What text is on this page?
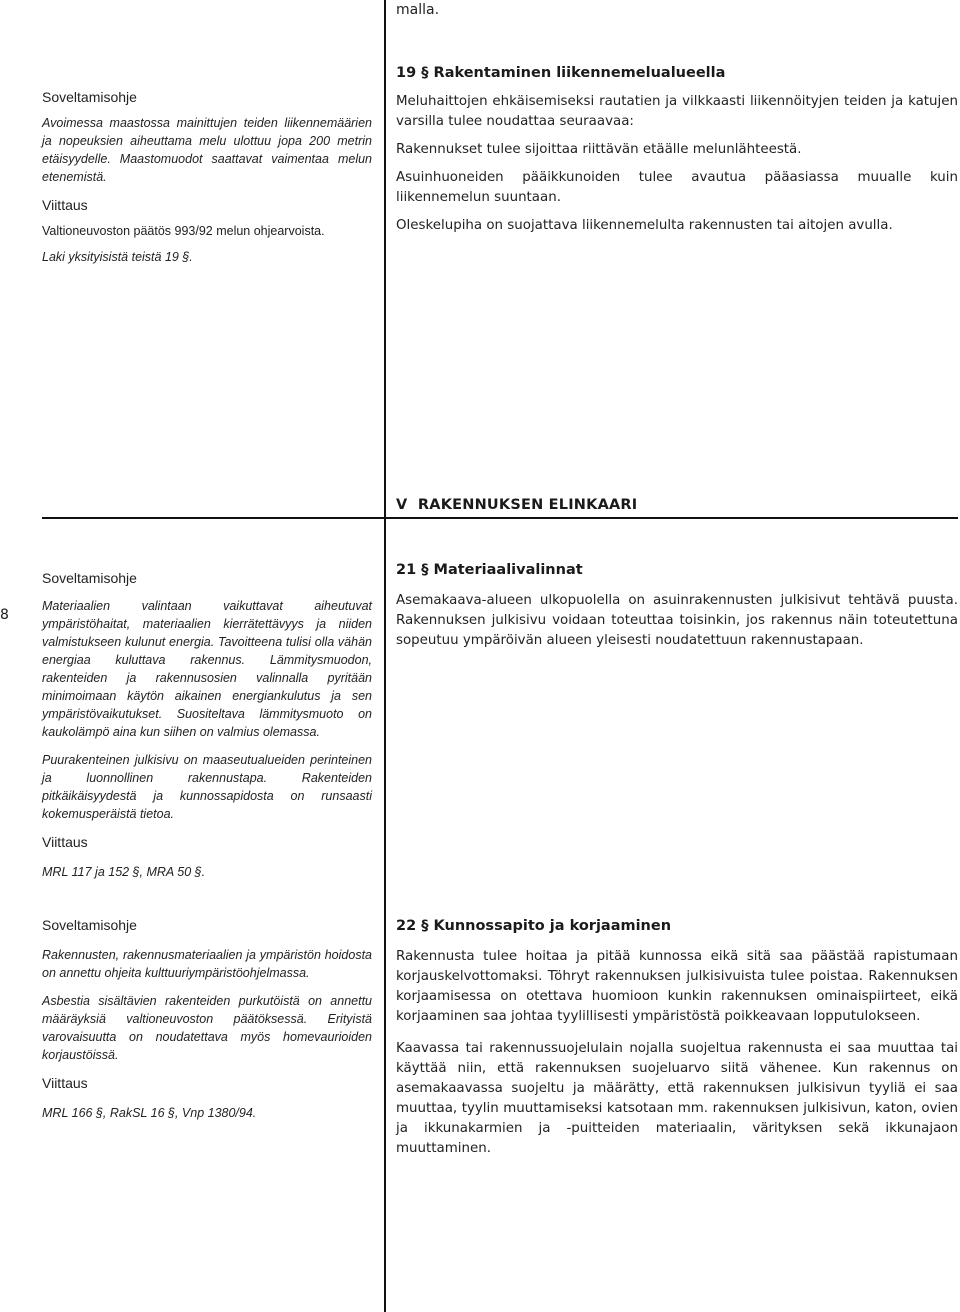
malla.

Soveltamisohje

Avoimessa maastossa mainittujen teiden liikennemäärien ja nopeuksien aiheuttama melu ulottuu jopa 200 metrin etäisyydelle. Maastomuodot saattavat vaimentaa melun etenemistä.

Viittaus

Valtioneuvoston päätös 993/92 melun ohjearvoista.

Laki yksityisistä teistä 19 §.

19 § Rakentaminen liikennemelualueella

Meluhaittojen ehkäisemiseksi rautatien ja vilkkaasti liikennöityjen teiden ja katujen varsilla tulee noudattaa seuraavaa:

Rakennukset tulee sijoittaa riittävän etäälle melunlähteestä.

Asuinhuoneiden pääikkunoiden tulee avautua pääasiassa muualle kuin liikennemelun suuntaan.

Oleskelupiha on suojattava liikennemelulta rakennusten tai aitojen avulla.

V  RAKENNUKSEN ELINKAARI
8
Soveltamisohje

Materiaalien valintaan vaikuttavat aiheutuvat ympäristöhaitat, materiaalien kierrätettävyys ja niiden valmistukseen kulunut energia. Tavoitteena tulisi olla vähän energiaa kuluttava rakennus. Lämmitysmuodon, rakenteiden ja rakennusosien valinnalla pyritään minimoimaan käytön aikainen energiankulutus ja sen ympäristövaikutukset. Suositeltava lämmitysmuoto on kaukolämpö aina kun siihen on valmius olemassa.

Puurakenteinen julkisivu on maaseutualueiden perinteinen ja luonnollinen rakennustapa. Rakenteiden pitkäikäisyydestä ja kunnossapidosta on runsaasti kokemusperäistä tietoa.

Viittaus

MRL 117 ja 152 §, MRA 50 §.

21 § Materiaalivalinnat

Asemakaava-alueen ulkopuolella on asuinrakennusten julkisivut tehtävä puusta. Rakennuksen julkisivu voidaan toteuttaa toisinkin, jos rakennus näin toteutettuna sopeutuu ympäröivän alueen yleisesti noudatettuun rakennustapaan.

Soveltamisohje

Rakennusten, rakennusmateriaalien ja ympäristön hoidosta on annettu ohjeita kulttuuriympäristöohjelmassa.

Asbestia sisältävien rakenteiden purkutöistä on annettu määräyksiä valtioneuvoston päätöksessä. Erityistä varovaisuutta on noudatettava myös homevaurioiden korjaustöissä.

Viittaus

MRL 166 §, RakSL 16 §, Vnp 1380/94.

22 § Kunnossapito ja korjaaminen

Rakennusta tulee hoitaa ja pitää kunnossa eikä sitä saa päästää rapistumaan korjauskelvottomaksi. Töhryt rakennuksen julkisivuista tulee poistaa. Rakennuksen korjaamisessa on otettava huomioon kunkin rakennuksen ominaispiirteet, eikä korjaaminen saa johtaa tyylillisesti ympäristöstä poikkeavaan lopputulokseen.

Kaavassa tai rakennussuojelulain nojalla suojeltua rakennusta ei saa muuttaa tai käyttää niin, että rakennuksen suojeluarvo siitä vähenee. Kun rakennus on asemakaavassa suojeltu ja määrätty, että rakennuksen julkisivun tyyliä ei saa muuttaa, tyylin muuttamiseksi katsotaan mm. rakennuksen julkisivun, katon, ovien ja ikkunakarmien ja -puitteiden materiaalin, värityksen sekä ikkunajaon muuttaminen.
